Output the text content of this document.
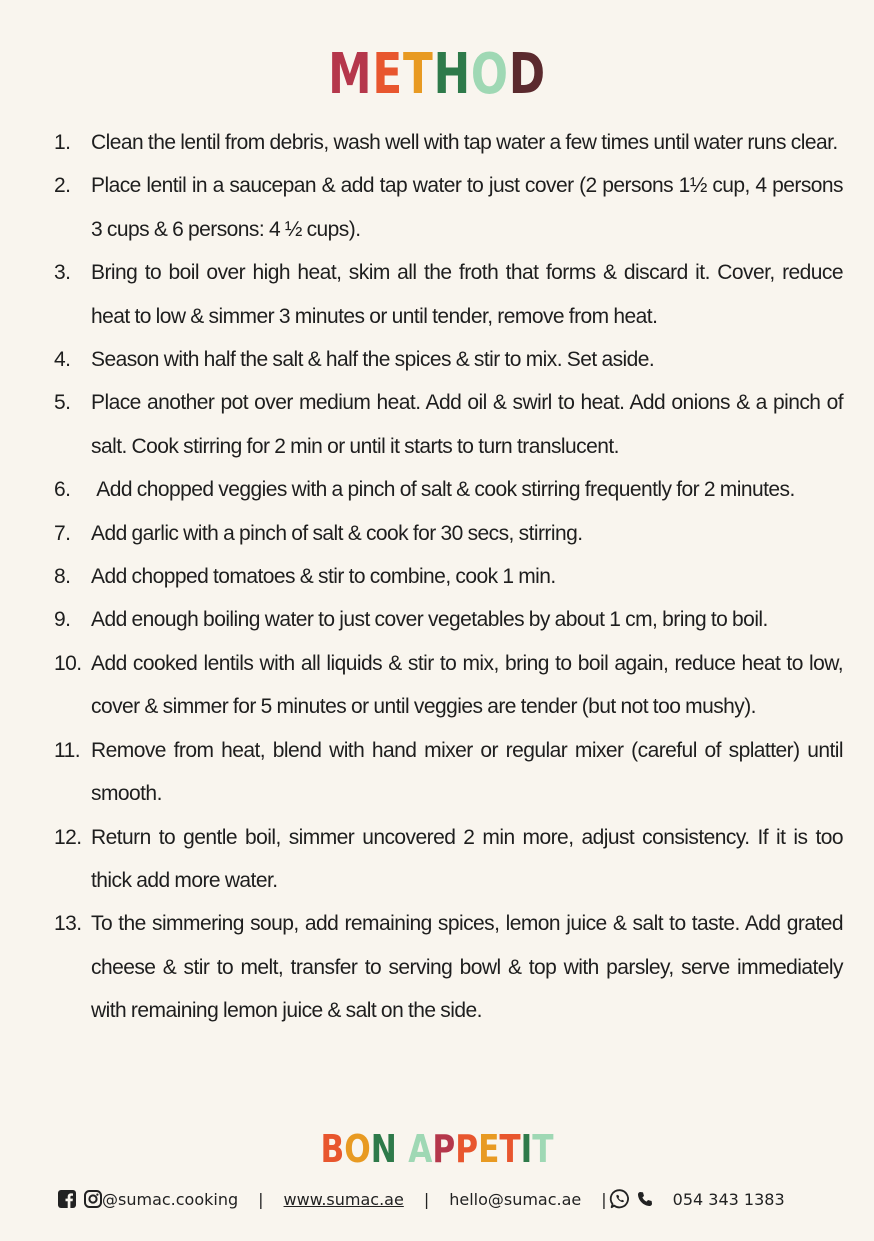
METHOD
1. Clean the lentil from debris, wash well with tap water a few times until water runs clear.
2. Place lentil in a saucepan & add tap water to just cover (2 persons 1½ cup, 4 persons 3 cups & 6 persons: 4 ½ cups).
3. Bring to boil over high heat, skim all the froth that forms & discard it. Cover, reduce heat to low & simmer 3 minutes or until tender, remove from heat.
4. Season with half the salt & half the spices & stir to mix. Set aside.
5. Place another pot over medium heat. Add oil & swirl to heat. Add onions & a pinch of salt. Cook stirring for 2 min or until it starts to turn translucent.
6. Add chopped veggies with a pinch of salt & cook stirring frequently for 2 minutes.
7. Add garlic with a pinch of salt & cook for 30 secs, stirring.
8. Add chopped tomatoes & stir to combine, cook 1 min.
9. Add enough boiling water to just cover vegetables by about 1 cm, bring to boil.
10. Add cooked lentils with all liquids & stir to mix, bring to boil again, reduce heat to low, cover & simmer for 5 minutes or until veggies are tender (but not too mushy).
11. Remove from heat, blend with hand mixer or regular mixer (careful of splatter) until smooth.
12. Return to gentle boil, simmer uncovered 2 min more, adjust consistency. If it is too thick add more water.
13. To the simmering soup, add remaining spices, lemon juice & salt to taste. Add grated cheese & stir to melt, transfer to serving bowl & top with parsley, serve immediately with remaining lemon juice & salt on the side.
BON APPETIT
@sumac.cooking | www.sumac.ae | hello@sumac.ae |	054 343 1383
